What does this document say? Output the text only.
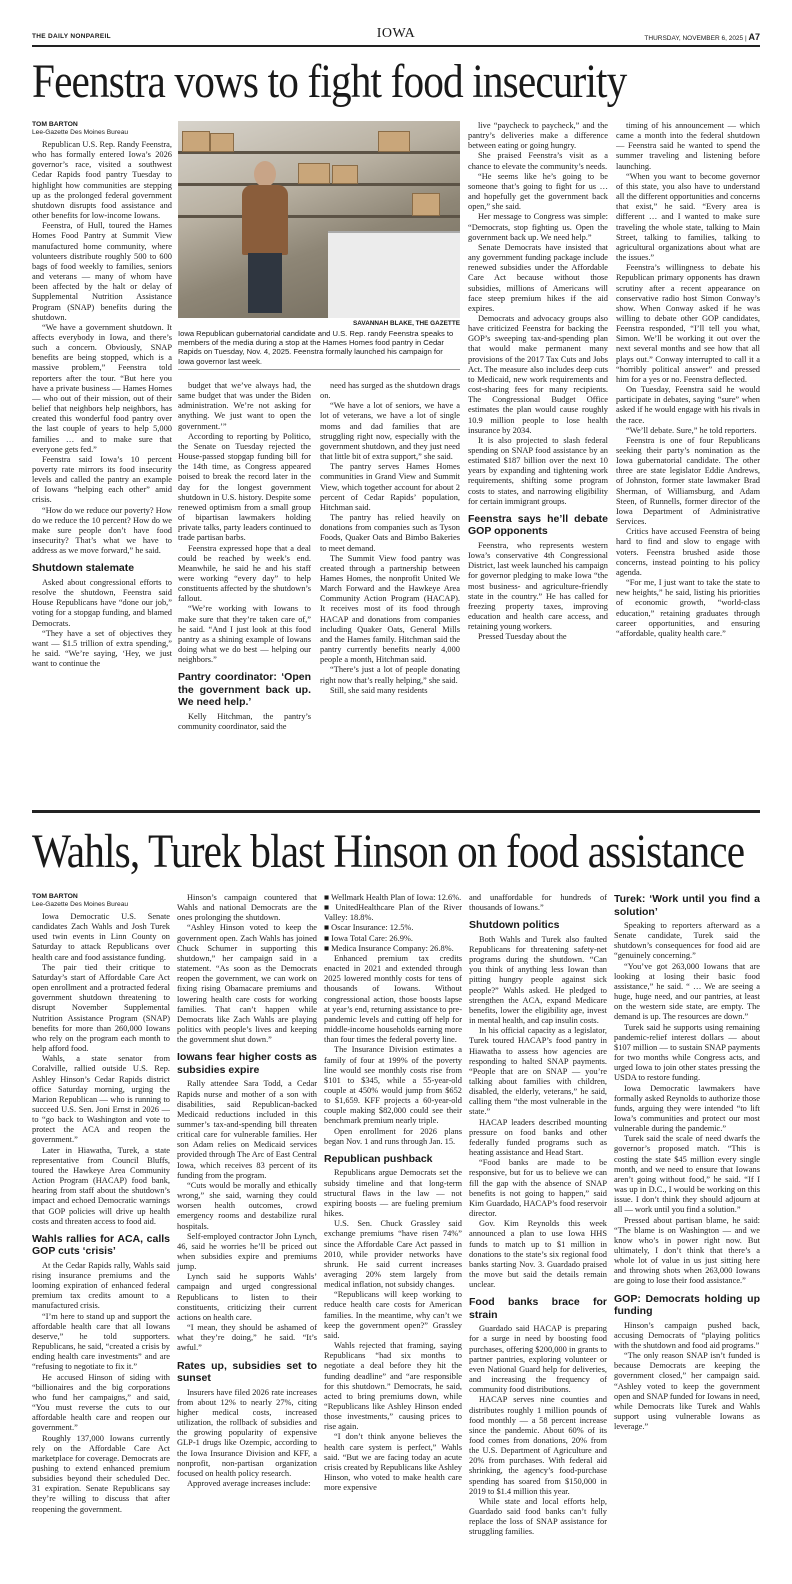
THE DAILY NONPAREIL	IOWA	THURSDAY, NOVEMBER 6, 2025 | A7
Feenstra vows to fight food insecurity
TOM BARTON
Lee-Gazette Des Moines Bureau

Republican U.S. Rep. Randy Feenstra, who has formally entered Iowa’s 2026 governor’s race, visited a southwest Cedar Rapids food pantry Tuesday to highlight how communities are stepping up as the prolonged federal government shutdown disrupts food assistance and other benefits for low-income Iowans.

Feenstra, of Hull, toured the Hames Homes Food Pantry at Summit View manufactured home community, where volunteers distribute roughly 500 to 600 bags of food weekly to families, seniors and veterans — many of whom have been affected by the halt or delay of Supplemental Nutrition Assistance Program (SNAP) benefits during the shutdown.

“We have a government shutdown. It affects everybody in Iowa, and there’s such a concern. Obviously, SNAP benefits are being stopped, which is a massive problem,” Feenstra told reporters after the tour. “But here you have a private business — Hames Homes — who out of their mission, out of their belief that neighbors help neighbors, has created this wonderful food pantry over the last couple of years to help 5,000 families … and to make sure that everyone gets fed.”

Feenstra said Iowa’s 10 percent poverty rate mirrors its food insecurity levels and called the pantry an example of Iowans “helping each other” amid crisis.

“How do we reduce our poverty? How do we reduce the 10 percent? How do we make sure people don’t have food insecurity? That’s what we have to address as we move forward,” he said.

Shutdown stalemate

Asked about congressional efforts to resolve the shutdown, Feenstra said House Republicans have “done our job,” voting for a stopgap funding, and blamed Democrats.

“They have a set of objectives they want — $1.5 trillion of extra spending,” he said. “We’re saying, ‘Hey, we just want to continue the

SAVANNAH BLAKE, THE GAZETTE
Iowa Republican gubernatorial candidate and U.S. Rep. randy Feenstra speaks to members of the media during a stop at the Hames Homes food pantry in Cedar Rapids on Tuesday, Nov. 4, 2025. Feenstra formally launched his campaign for Iowa governor last week.

budget that we’ve always had, the same budget that was under the Biden administration. We’re not asking for anything. We just want to open the government.’”

According to reporting by Politico, the Senate on Tuesday rejected the House-passed stopgap funding bill for the 14th time, as Congress appeared poised to break the record later in the day for the longest government shutdown in U.S. history. Despite some renewed optimism from a small group of bipartisan lawmakers holding private talks, party leaders continued to trade partisan barbs.

Feenstra expressed hope that a deal could be reached by week’s end. Meanwhile, he said he and his staff were working “every day” to help constituents affected by the shutdown’s fallout.

“We’re working with Iowans to make sure that they’re taken care of,” he said. “And I just look at this food pantry as a shining example of Iowans doing what we do best — helping our neighbors.”

Pantry coordinator: ‘Open the government back up. We need help.’

Kelly Hitchman, the pantry’s community coordinator, said the

need has surged as the shutdown drags on.

“We have a lot of seniors, we have a lot of veterans, we have a lot of single moms and dad families that are struggling right now, especially with the government shutdown, and they just need that little bit of extra support,” she said.

The pantry serves Hames Homes communities in Grand View and Summit View, which together account for about 2 percent of Cedar Rapids’ population, Hitchman said.

The pantry has relied heavily on donations from companies such as Tyson Foods, Quaker Oats and Bimbo Bakeries to meet demand.

The Summit View food pantry was created through a partnership between Hames Homes, the nonprofit United We March Forward and the Hawkeye Area Community Action Program (HACAP). It receives most of its food through HACAP and donations from companies including Quaker Oats, General Mills and the Hames family. Hitchman said the pantry currently benefits nearly 4,000 people a month, Hitchman said.

“There’s just a lot of people donating right now that’s really helping,” she said.

Still, she said many residents

live “paycheck to paycheck,” and the pantry’s deliveries make a difference between eating or going hungry.

She praised Feenstra’s visit as a chance to elevate the community’s needs.

“He seems like he’s going to be someone that’s going to fight for us … and hopefully get the government back open,” she said.

Her message to Congress was simple: “Democrats, stop fighting us. Open the government back up. We need help.”

Senate Democrats have insisted that any government funding package include renewed subsidies under the Affordable Care Act because without those subsidies, millions of Americans will face steep premium hikes if the aid expires.

Democrats and advocacy groups also have criticized Feenstra for backing the GOP’s sweeping tax-and-spending plan that would make permanent many provisions of the 2017 Tax Cuts and Jobs Act. The measure also includes deep cuts to Medicaid, new work requirements and cost-sharing fees for many recipients. The Congressional Budget Office estimates the plan would cause roughly 10.9 million people to lose health insurance by 2034.

It is also projected to slash federal spending on SNAP food assistance by an estimated $187 billion over the next 10 years by expanding and tightening work requirements, shifting some program costs to states, and narrowing eligibility for certain immigrant groups.

Feenstra says he’ll debate GOP opponents

Feenstra, who represents western Iowa’s conservative 4th Congressional District, last week launched his campaign for governor pledging to make Iowa “the most business- and agriculture-friendly state in the country.” He has called for freezing property taxes, improving education and health care access, and retaining young workers.

Pressed Tuesday about the

timing of his announcement — which came a month into the federal shutdown — Feenstra said he wanted to spend the summer traveling and listening before launching.

“When you want to become governor of this state, you also have to understand all the different opportunities and concerns that exist,” he said. “Every area is different … and I wanted to make sure traveling the whole state, talking to Main Street, talking to families, talking to agricultural organizations about what are the issues.”

Feenstra’s willingness to debate his Republican primary opponents has drawn scrutiny after a recent appearance on conservative radio host Simon Conway’s show. When Conway asked if he was willing to debate other GOP candidates, Feenstra responded, “I’ll tell you what, Simon. We’ll be working it out over the next several months and see how that all plays out.” Conway interrupted to call it a “horribly political answer” and pressed him for a yes or no. Feenstra deflected.

On Tuesday, Feenstra said he would participate in debates, saying “sure” when asked if he would engage with his rivals in the race.

“We’ll debate. Sure,” he told reporters.

Feenstra is one of four Republicans seeking their party’s nomination as the Iowa gubernatorial candidate. The other three are state legislator Eddie Andrews, of Johnston, former state lawmaker Brad Sherman, of Williamsburg, and Adam Steen, of Runnells, former director of the Iowa Department of Administrative Services.

Critics have accused Feenstra of being hard to find and slow to engage with voters. Feenstra brushed aside those concerns, instead pointing to his policy agenda.

“For me, I just want to take the state to new heights,” he said, listing his priorities of economic growth, “world-class education,” retaining graduates through career opportunities, and ensuring “affordable, quality health care.”

Wahls, Turek blast Hinson on food assistance
TOM BARTON
Lee-Gazette Des Moines Bureau

Iowa Democratic U.S. Senate candidates Zach Wahls and Josh Turek used twin events in Linn County on Saturday to attack Republicans over health care and food assistance funding.

The pair tied their critique to Saturday’s start of Affordable Care Act open enrollment and a protracted federal government shutdown threatening to disrupt November Supplemental Nutrition Assistance Program (SNAP) benefits for more than 260,000 Iowans who rely on the program each month to help afford food.

Wahls, a state senator from Coralville, rallied outside U.S. Rep. Ashley Hinson’s Cedar Rapids district office Saturday morning, urging the Marion Republican — who is running to succeed U.S. Sen. Joni Ernst in 2026 — to “go back to Washington and vote to protect the ACA and reopen the government.”

Later in Hiawatha, Turek, a state representative from Council Bluffs, toured the Hawkeye Area Community Action Program (HACAP) food bank, hearing from staff about the shutdown’s impact and echoed Democratic warnings that GOP policies will drive up health costs and threaten access to food aid.

Wahls rallies for ACA, calls GOP cuts ‘crisis’

At the Cedar Rapids rally, Wahls said rising insurance premiums and the looming expiration of enhanced federal premium tax credits amount to a manufactured crisis.

“I’m here to stand up and support the affordable health care that all Iowans deserve,” he told supporters. Republicans, he said, “created a crisis by ending health care investments” and are “refusing to negotiate to fix it.”

He accused Hinson of siding with “billionaires and the big corporations who fund her campaigns,” and said, “You must reverse the cuts to our affordable health care and reopen our government.”

Roughly 137,000 Iowans currently rely on the Affordable Care Act marketplace for coverage. Democrats are pushing to extend enhanced premium subsidies beyond their scheduled Dec. 31 expiration. Senate Republicans say they’re willing to discuss that after reopening the government.

Hinson’s campaign countered that Wahls and national Democrats are the ones prolonging the shutdown.

“Ashley Hinson voted to keep the government open. Zach Wahls has joined Chuck Schumer in supporting this shutdown,” her campaign said in a statement. “As soon as the Democrats reopen the government, we can work on fixing rising Obamacare premiums and lowering health care costs for working families. That can’t happen while Democrats like Zach Wahls are playing politics with people’s lives and keeping the government shut down.”

Iowans fear higher costs as subsidies expire

Rally attendee Sara Todd, a Cedar Rapids nurse and mother of a son with disabilities, said Republican-backed Medicaid reductions included in this summer’s tax-and-spending bill threaten critical care for vulnerable families. Her son Adam relies on Medicaid services provided through The Arc of East Central Iowa, which receives 83 percent of its funding from the program.

“Cuts would be morally and ethically wrong,” she said, warning they could worsen health outcomes, crowd emergency rooms and destabilize rural hospitals.

Self-employed contractor John Lynch, 46, said he worries he’ll be priced out when subsidies expire and premiums jump.

Lynch said he supports Wahls’ campaign and urged congressional Republicans to listen to their constituents, criticizing their current actions on health care.

“I mean, they should be ashamed of what they’re doing,” he said. “It’s awful.”

Rates up, subsidies set to sunset

Insurers have filed 2026 rate increases from about 12% to nearly 27%, citing higher medical costs, increased utilization, the rollback of subsidies and the growing popularity of expensive GLP-1 drugs like Ozempic, according to the Iowa Insurance Division and KFF, a nonprofit, non-partisan organization focused on health policy research.

Approved average increases include:

■ Wellmark Health Plan of Iowa: 12.6%.

■ UnitedHealthcare Plan of the River Valley: 18.8%.

■ Oscar Insurance: 12.5%.

■ Iowa Total Care: 26.9%.

■ Medica Insurance Company: 26.8%.

Enhanced premium tax credits enacted in 2021 and extended through 2025 lowered monthly costs for tens of thousands of Iowans. Without congressional action, those boosts lapse at year’s end, returning assistance to pre-pandemic levels and cutting off help for middle-income households earning more than four times the federal poverty line.

The Insurance Division estimates a family of four at 199% of the poverty line would see monthly costs rise from $101 to $345, while a 55-year-old couple at 450% would jump from $652 to $1,659. KFF projects a 60-year-old couple making $82,000 could see their benchmark premium nearly triple.

Open enrollment for 2026 plans began Nov. 1 and runs through Jan. 15.

Republican pushback

Republicans argue Democrats set the subsidy timeline and that long-term structural flaws in the law — not expiring boosts — are fueling premium hikes.

U.S. Sen. Chuck Grassley said exchange premiums “have risen 74%” since the Affordable Care Act passed in 2010, while provider networks have shrunk. He said current increases averaging 20% stem largely from medical inflation, not subsidy changes.

“Republicans will keep working to reduce health care costs for American families. In the meantime, why can’t we keep the government open?” Grassley said.

Wahls rejected that framing, saying Republicans “had six months to negotiate a deal before they hit the funding deadline” and “are responsible for this shutdown.” Democrats, he said, acted to bring premiums down, while “Republicans like Ashley Hinson ended those investments,” causing prices to rise again.

“I don’t think anyone believes the health care system is perfect,” Wahls said. “But we are facing today an acute crisis created by Republicans like Ashley Hinson, who voted to make health care more expensive

and unaffordable for hundreds of thousands of Iowans.”

Shutdown politics

Both Wahls and Turek also faulted Republicans for threatening safety-net programs during the shutdown. “Can you think of anything less Iowan than pitting hungry people against sick people?” Wahls asked. He pledged to strengthen the ACA, expand Medicare benefits, lower the eligibility age, invest in mental health, and cap insulin costs.

In his official capacity as a legislator, Turek toured HACAP’s food pantry in Hiawatha to assess how agencies are responding to halted SNAP payments. “People that are on SNAP — you’re talking about families with children, disabled, the elderly, veterans,” he said, calling them “the most vulnerable in the state.”

HACAP leaders described mounting pressure on food banks and other federally funded programs such as heating assistance and Head Start.

“Food banks are made to be responsive, but for us to believe we can fill the gap with the absence of SNAP benefits is not going to happen,” said Kim Guardado, HACAP’s food reservoir director.

Gov. Kim Reynolds this week announced a plan to use Iowa HHS funds to match up to $1 million in donations to the state’s six regional food banks starting Nov. 3. Guardado praised the move but said the details remain unclear.

Food banks brace for strain

Guardado said HACAP is preparing for a surge in need by boosting food purchases, offering $200,000 in grants to partner pantries, exploring volunteer or even National Guard help for deliveries, and increasing the frequency of community food distributions.

HACAP serves nine counties and distributes roughly 1 million pounds of food monthly — a 58 percent increase since the pandemic. About 60% of its food comes from donations, 20% from the U.S. Department of Agriculture and 20% from purchases. With federal aid shrinking, the agency’s food-purchase spending has soared from $150,000 in 2019 to $1.4 million this year.

While state and local efforts help, Guardado said food banks can’t fully replace the loss of SNAP assistance for struggling families.

Turek: ‘Work until you find a solution’

Speaking to reporters afterward as a Senate candidate, Turek said the shutdown’s consequences for food aid are “genuinely concerning.”

“You’ve got 263,000 Iowans that are looking at losing their basic food assistance,” he said. “ … We are seeing a huge, huge need, and our pantries, at least on the western side state, are empty. The demand is up. The resources are down.”

Turek said he supports using remaining pandemic-relief interest dollars — about $107 million — to sustain SNAP payments for two months while Congress acts, and urged Iowa to join other states pressing the USDA to restore funding.

Iowa Democratic lawmakers have formally asked Reynolds to authorize those funds, arguing they were intended “to lift Iowa’s communities and protect our most vulnerable during the pandemic.”

Turek said the scale of need dwarfs the governor’s proposed match. “This is costing the state $45 million every single month, and we need to ensure that Iowans aren’t going without food,” he said. “If I was up in D.C., I would be working on this issue. I don’t think they should adjourn at all — work until you find a solution.”

Pressed about partisan blame, he said: “The blame is on Washington — and we know who’s in power right now. But ultimately, I don’t think that there’s a whole lot of value in us just sitting here and throwing shots when 263,000 Iowans are going to lose their food assistance.”

GOP: Democrats holding up funding

Hinson’s campaign pushed back, accusing Democrats of “playing politics with the shutdown and food aid programs.”

“The only reason SNAP isn’t funded is because Democrats are keeping the government closed,” her campaign said. “Ashley voted to keep the government open and SNAP funded for Iowans in need, while Democrats like Turek and Wahls support using vulnerable Iowans as leverage.”
